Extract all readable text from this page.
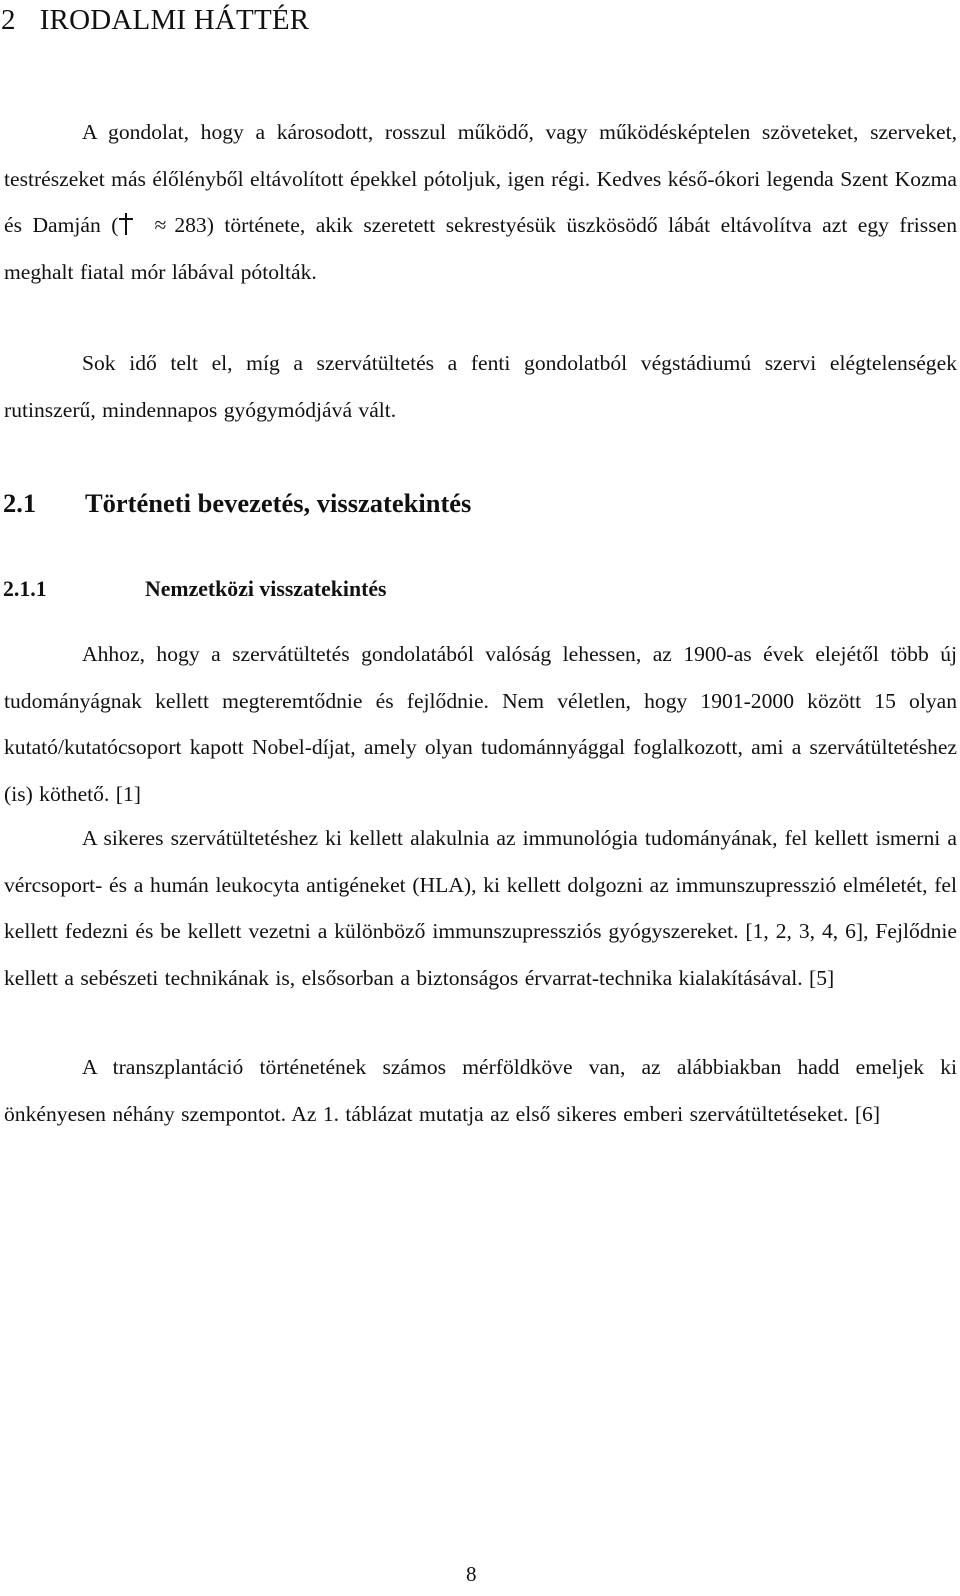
2 IRODALMI HÁTTÉR

A gondolat, hogy a károsodott, rosszul működő, vagy működésképtelen szöveteket, szerveket, testrészeket más élőlényből eltávolított épekkel pótoljuk, igen régi. Kedves késő-ókori legenda Szent Kozma és Damján ( ≈ 283) története, akik szeretett sekrestyésük üszkösödő lábát eltávolítva azt egy frissen meghalt fiatal mór lábával pótolták.

Sok idő telt el, míg a szervátültetés a fenti gondolatból végstádiumú szervi elégtelenségek rutinszerű, mindennapos gyógymódjává vált.

2.1 Történeti bevezetés, visszatekintés
2.1.1	Nemzetközi visszatekintés

Ahhoz, hogy a szervátültetés gondolatából valóság lehessen, az 1900-as évek elejétől több új tudományágnak kellett megteremtődnie és fejlődnie. Nem véletlen, hogy 1901-2000 között 15 olyan kutató/kutatócsoport kapott Nobel-díjat, amely olyan tudománnyággal foglalkozott, ami a szervátültetéshez (is) köthető. [1]

A sikeres szervátültetéshez ki kellett alakulnia az immunológia tudományának, fel kellett ismerni a vércsoport- és a humán leukocyta antigéneket (HLA), ki kellett dolgozni az immunszupresszió elméletét, fel kellett fedezni és be kellett vezetni a különböző immunszupressziós gyógyszereket. [1, 2, 3, 4, 6], Fejlődnie kellett a sebészeti technikának is, elsősorban a biztonságos érvarrat-technika kialakításával. [5]

A transzplantáció történetének számos mérföldköve van, az alábbiakban hadd emeljek ki önkényesen néhány szempontot. Az 1. táblázat mutatja az első sikeres emberi szervátültetéseket. [6]

8
